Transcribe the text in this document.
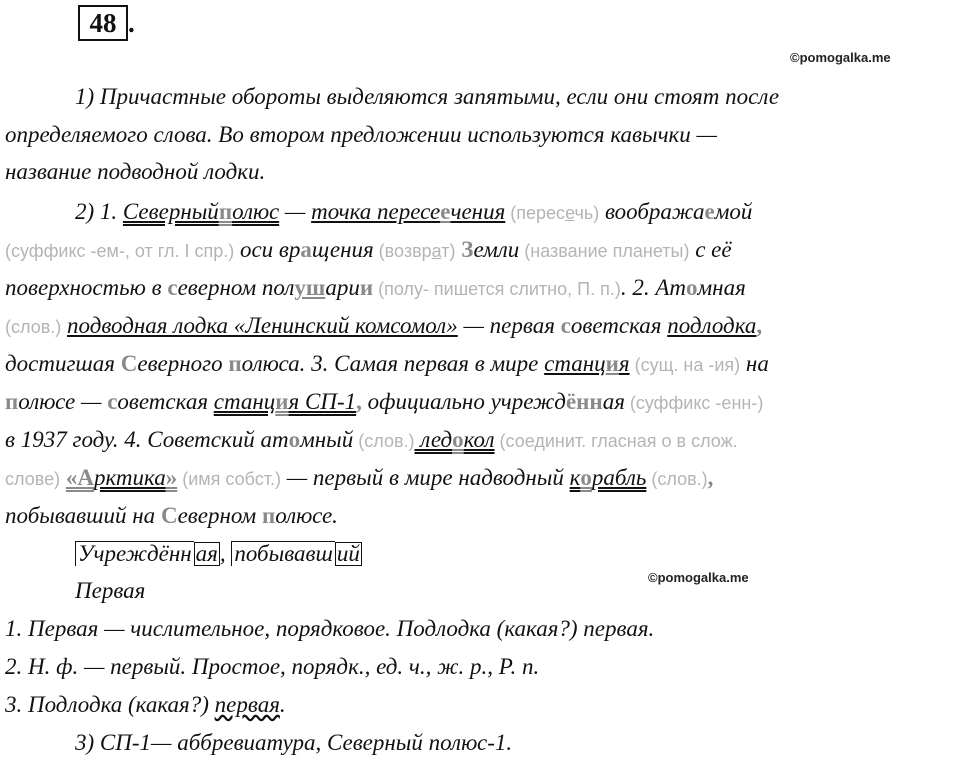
48 .
©pomogalka.me
©pomogalka.me
1) Причастные обороты выделяются запятыми, если они стоят после
определяемого слова. Во втором предложении используются кавычки —
название подводной лодки.
2) 1. Северныйполюс — точка пересеечения (пересечь) воображаемой
(суффикс -ем-, от гл. I спр.) оси вращения (возврат) Земли (название планеты) с её
поверхностью в северном полушарии (полу- пишется слитно, П. п.). 2. Атомная
(слов.) подводная лодка «Ленинский комсомол» — первая советская подлодка,
достигшая Северного полюса. 3. Самая первая в мире станция (сущ. на -ия) на
полюсе — советская станция СП-1, официально учреждённая (суффикс -енн-)
в 1937 году. 4. Советский атомный (слов.) ледокол (соединит. гласная о в слож.
слове) «Арктика» (имя собст.) — первый в мире надводный корабль (слов.),
побывавший на Северном полюсе.
Учреждённ ая, побывавш ий
Первая
1. Первая — числительное, порядковое. Подлодка (какая?) первая.
2. Н. ф. — первый. Простое, порядк., ед. ч., ж. р., Р. п.
3. Подлодка (какая?) первая.
3) СП-1— аббревиатура, Северный полюс-1.
